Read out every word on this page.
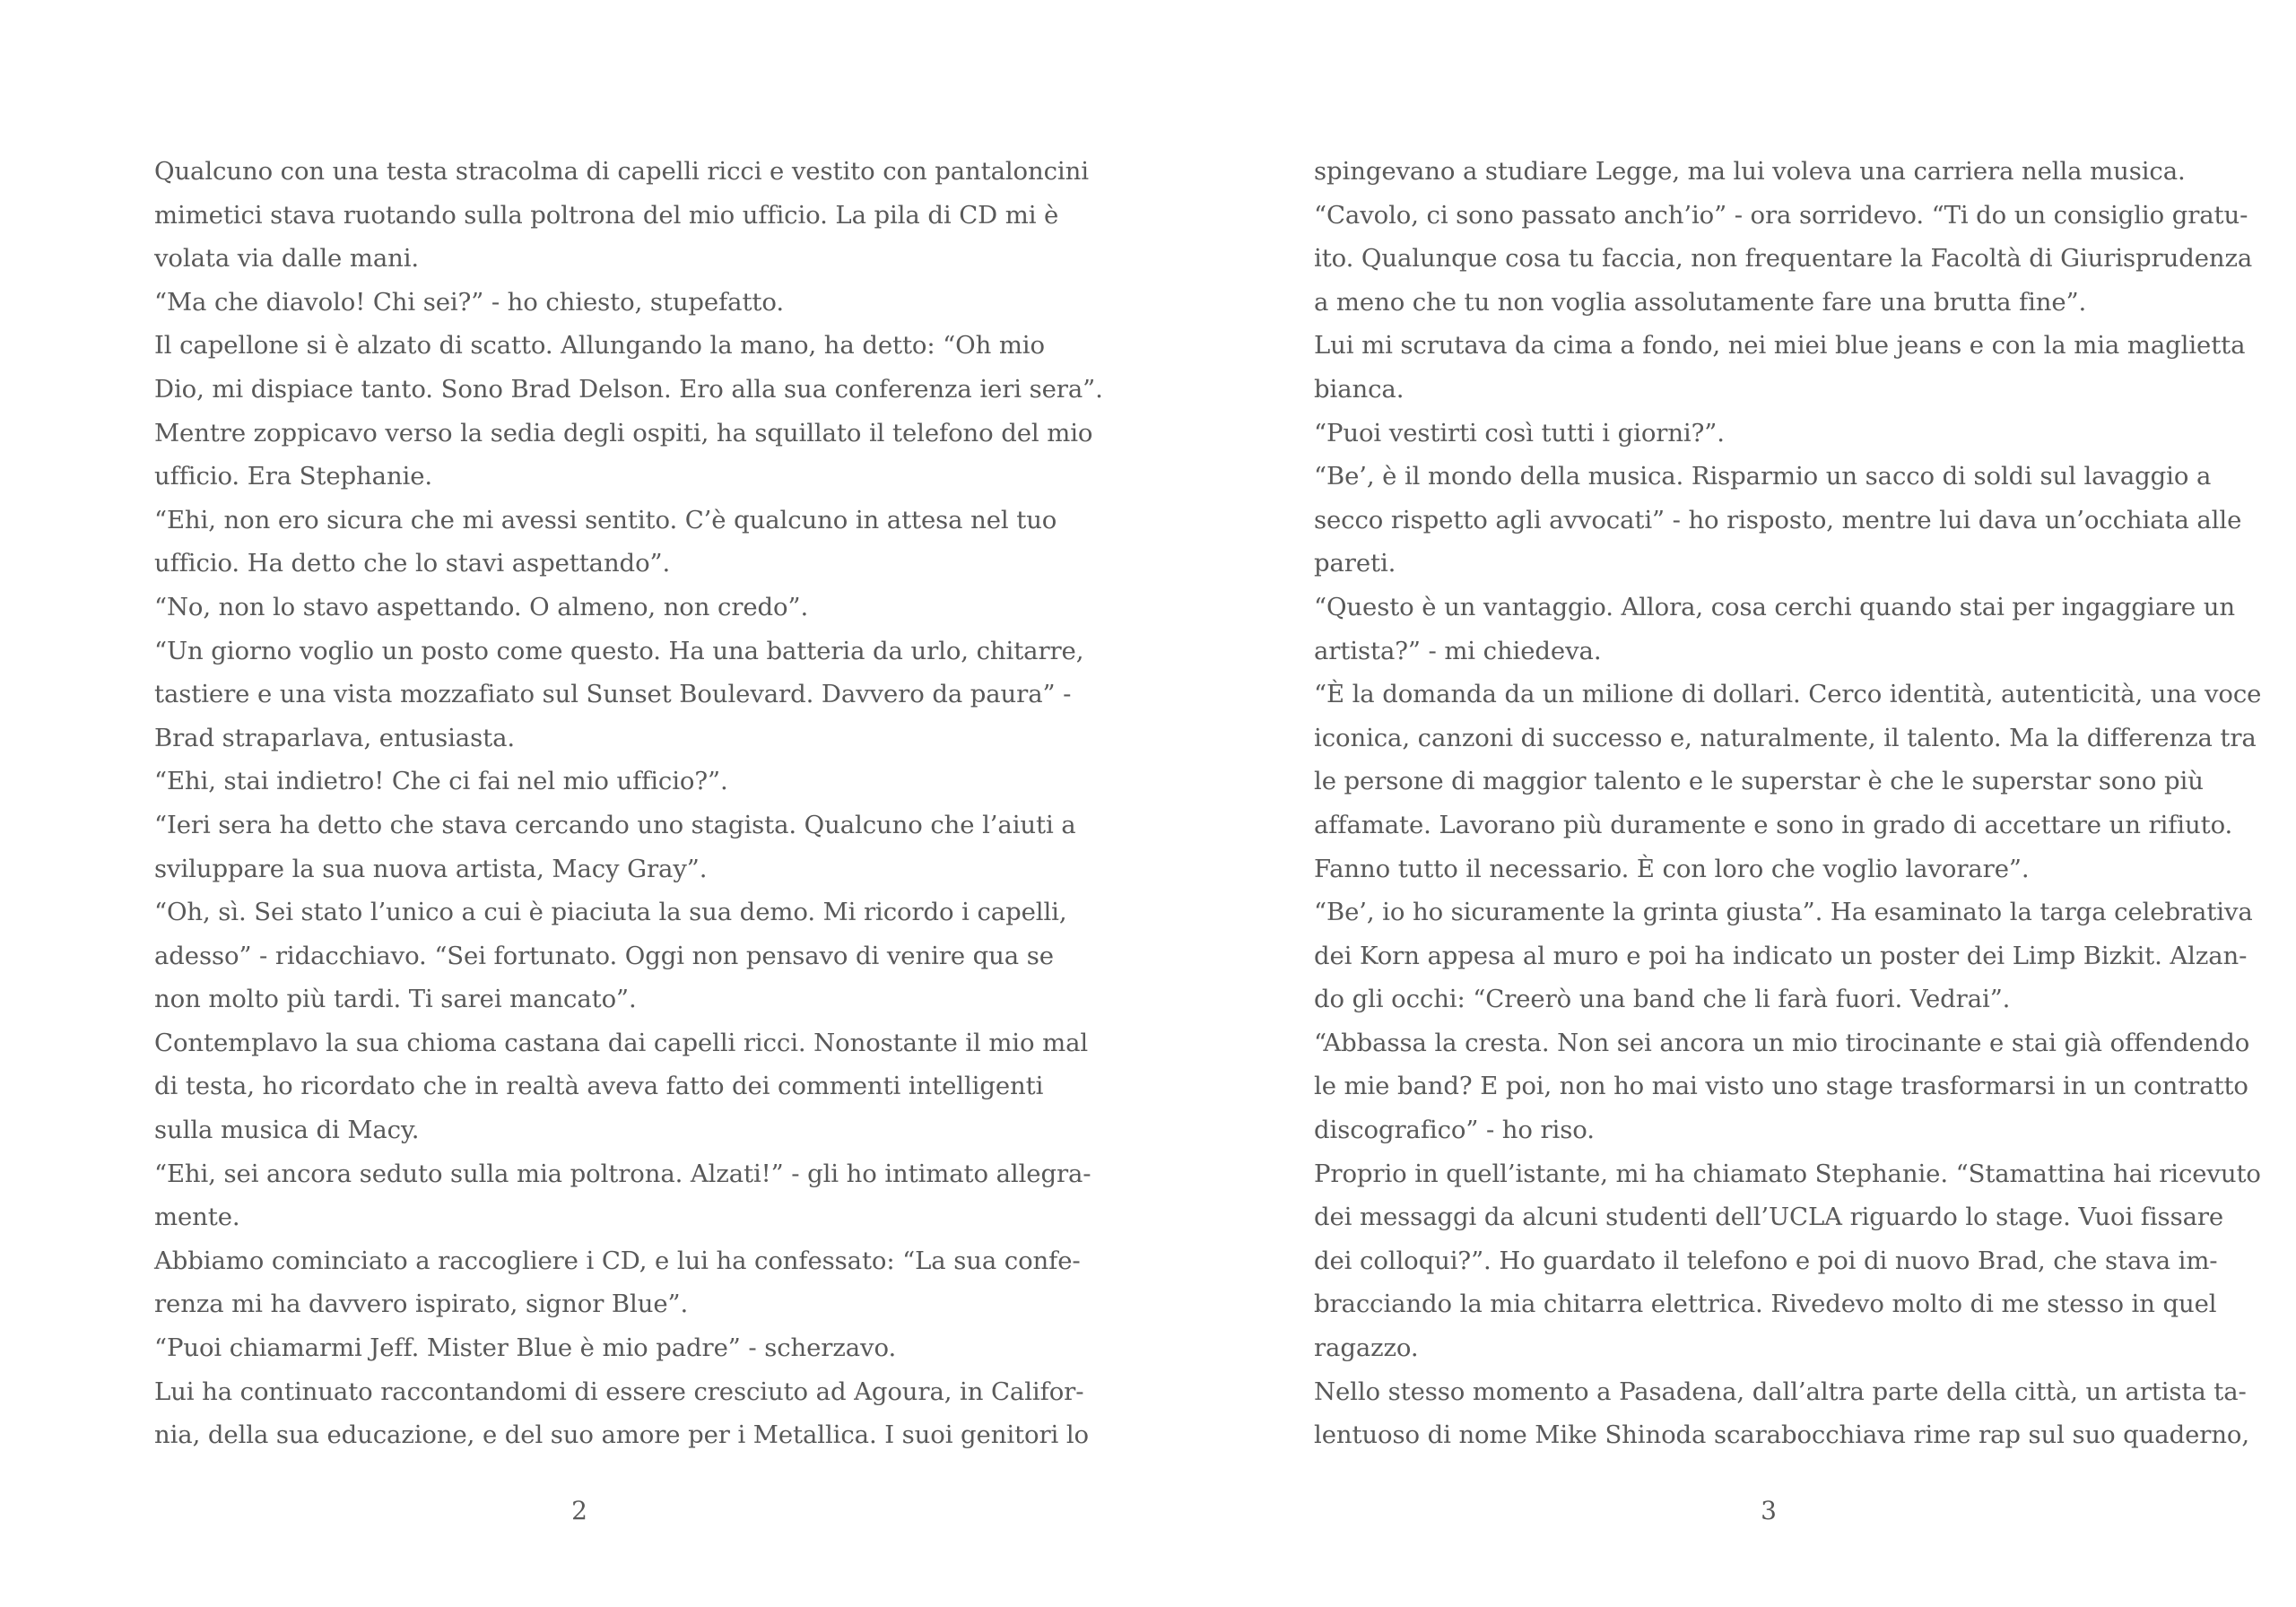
Qualcuno con una testa stracolma di capelli ricci e vestito con pantaloncini
mimetici stava ruotando sulla poltrona del mio ufficio. La pila di CD mi è
volata via dalle mani.
“Ma che diavolo! Chi sei?” - ho chiesto, stupefatto.
Il capellone si è alzato di scatto. Allungando la mano, ha detto: “Oh mio
Dio, mi dispiace tanto. Sono Brad Delson. Ero alla sua conferenza ieri sera”.
Mentre zoppicavo verso la sedia degli ospiti, ha squillato il telefono del mio
ufficio. Era Stephanie.
“Ehi, non ero sicura che mi avessi sentito. C’è qualcuno in attesa nel tuo
ufficio. Ha detto che lo stavi aspettando”.
“No, non lo stavo aspettando. O almeno, non credo”.
“Un giorno voglio un posto come questo. Ha una batteria da urlo, chitarre,
tastiere e una vista mozzafiato sul Sunset Boulevard. Davvero da paura” -
Brad straparlava, entusiasta.
“Ehi, stai indietro! Che ci fai nel mio ufficio?”.
“Ieri sera ha detto che stava cercando uno stagista. Qualcuno che l’aiuti a
sviluppare la sua nuova artista, Macy Gray”.
“Oh, sì. Sei stato l’unico a cui è piaciuta la sua demo. Mi ricordo i capelli,
adesso” - ridacchiavo. “Sei fortunato. Oggi non pensavo di venire qua se
non molto più tardi. Ti sarei mancato”.
Contemplavo la sua chioma castana dai capelli ricci. Nonostante il mio mal
di testa, ho ricordato che in realtà aveva fatto dei commenti intelligenti
sulla musica di Macy.
“Ehi, sei ancora seduto sulla mia poltrona. Alzati!” - gli ho intimato allegra-
mente.
Abbiamo cominciato a raccogliere i CD, e lui ha confessato: “La sua confe-
renza mi ha davvero ispirato, signor Blue”.
“Puoi chiamarmi Jeff. Mister Blue è mio padre” - scherzavo.
Lui ha continuato raccontandomi di essere cresciuto ad Agoura, in Califor-
nia, della sua educazione, e del suo amore per i Metallica. I suoi genitori lo
2
spingevano a studiare Legge, ma lui voleva una carriera nella musica.
“Cavolo, ci sono passato anch’io” - ora sorridevo. “Ti do un consiglio gratu-
ito. Qualunque cosa tu faccia, non frequentare la Facoltà di Giurisprudenza
a meno che tu non voglia assolutamente fare una brutta fine”.
Lui mi scrutava da cima a fondo, nei miei blue jeans e con la mia maglietta
bianca.
“Puoi vestirti così tutti i giorni?”.
“Be’, è il mondo della musica. Risparmio un sacco di soldi sul lavaggio a
secco rispetto agli avvocati” - ho risposto, mentre lui dava un’occhiata alle
pareti.
“Questo è un vantaggio. Allora, cosa cerchi quando stai per ingaggiare un
artista?” - mi chiedeva.
“È la domanda da un milione di dollari. Cerco identità, autenticità, una voce
iconica, canzoni di successo e, naturalmente, il talento. Ma la differenza tra
le persone di maggior talento e le superstar è che le superstar sono più
affamate. Lavorano più duramente e sono in grado di accettare un rifiuto.
Fanno tutto il necessario. È con loro che voglio lavorare”.
“Be’, io ho sicuramente la grinta giusta”. Ha esaminato la targa celebrativa
dei Korn appesa al muro e poi ha indicato un poster dei Limp Bizkit. Alzan-
do gli occhi: “Creerò una band che li farà fuori. Vedrai”.
“Abbassa la cresta. Non sei ancora un mio tirocinante e stai già offendendo
le mie band? E poi, non ho mai visto uno stage trasformarsi in un contratto
discografico” - ho riso.
Proprio in quell’istante, mi ha chiamato Stephanie. “Stamattina hai ricevuto
dei messaggi da alcuni studenti dell’UCLA riguardo lo stage. Vuoi fissare
dei colloqui?”. Ho guardato il telefono e poi di nuovo Brad, che stava im-
bracciando la mia chitarra elettrica. Rivedevo molto di me stesso in quel
ragazzo.
Nello stesso momento a Pasadena, dall’altra parte della città, un artista ta-
lentuoso di nome Mike Shinoda scarabocchiava rime rap sul suo quaderno,
3
